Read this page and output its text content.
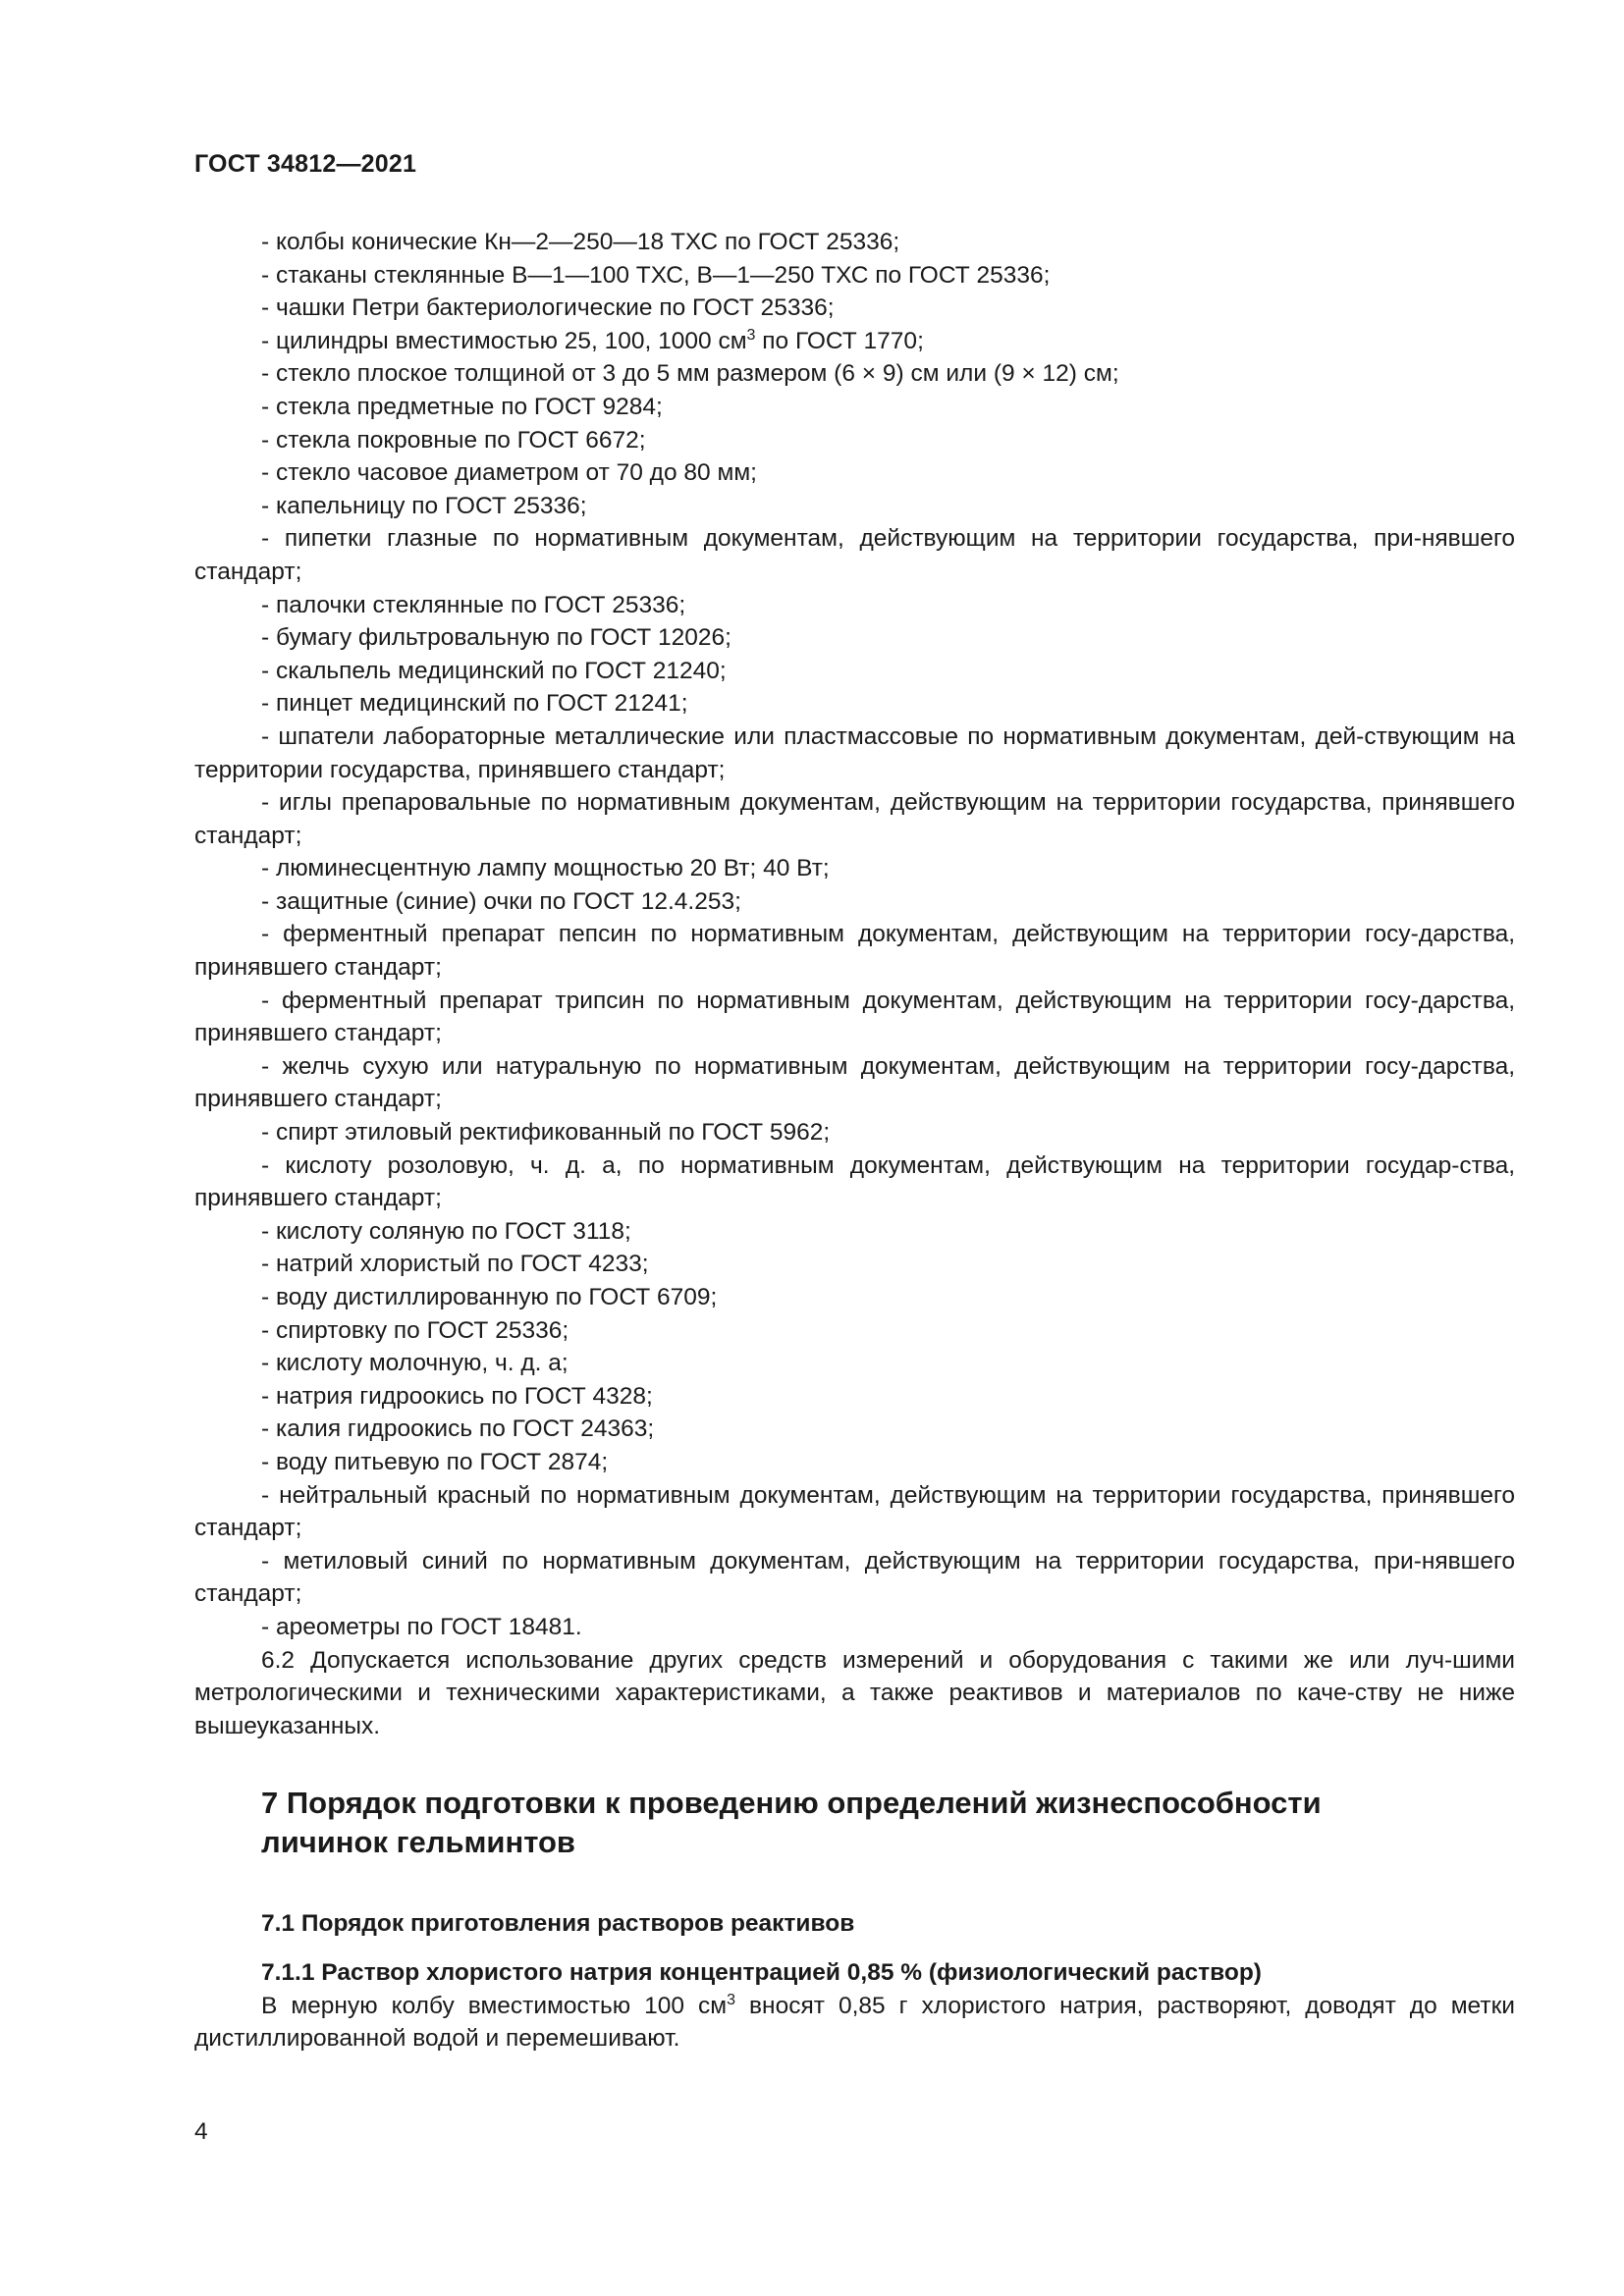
ГОСТ 34812—2021

- колбы конические Кн—2—250—18 ТХС по ГОСТ 25336;

- стаканы стеклянные В—1—100 ТХС, В—1—250 ТХС по ГОСТ 25336;

- чашки Петри бактериологические по ГОСТ 25336;

- цилиндры вместимостью 25, 100, 1000 $см^3$ по ГОСТ 1770;

- стекло плоское толщиной от 3 до 5 мм размером (6 × 9) см или (9 × 12) см;

- стекла предметные по ГОСТ 9284;

- стекла покровные по ГОСТ 6672;

- стекло часовое диаметром от 70 до 80 мм;

- капельницу по ГОСТ 25336;

- пипетки глазные по нормативным документам, действующим на территории государства, при-нявшего стандарт;

- палочки стеклянные по ГОСТ 25336;

- бумагу фильтровальную по ГОСТ 12026;

- скальпель медицинский по ГОСТ 21240;

- пинцет медицинский по ГОСТ 21241;

- шпатели лабораторные металлические или пластмассовые по нормативным документам, дей-ствующим на территории государства, принявшего стандарт;

- иглы препаровальные по нормативным документам, действующим на территории государства, принявшего стандарт;

- люминесцентную лампу мощностью 20 Вт; 40 Вт;

- защитные (синие) очки по ГОСТ 12.4.253;

- ферментный препарат пепсин по нормативным документам, действующим на территории госу-дарства, принявшего стандарт;

- ферментный препарат трипсин по нормативным документам, действующим на территории госу-дарства, принявшего стандарт;

- желчь сухую или натуральную по нормативным документам, действующим на территории госу-дарства, принявшего стандарт;

- спирт этиловый ректификованный по ГОСТ 5962;

- кислоту розоловую, ч. д. а, по нормативным документам, действующим на территории государ-ства, принявшего стандарт;

- кислоту соляную по ГОСТ 3118;

- натрий хлористый по ГОСТ 4233;

- воду дистиллированную по ГОСТ 6709;

- спиртовку по ГОСТ 25336;

- кислоту молочную, ч. д. а;

- натрия гидроокись по ГОСТ 4328;

- калия гидроокись по ГОСТ 24363;

- воду питьевую по ГОСТ 2874;

- нейтральный красный по нормативным документам, действующим на территории государства, принявшего стандарт;

- метиловый синий по нормативным документам, действующим на территории государства, при-нявшего стандарт;

- ареометры по ГОСТ 18481.

6.2 Допускается использование других средств измерений и оборудования с такими же или луч-шими метрологическими и техническими характеристиками, а также реактивов и материалов по каче-ству не ниже вышеуказанных.

7 Порядок подготовки к проведению определений жизнеспособности личинок гельминтов
7.1 Порядок приготовления растворов реактивов
7.1.1 Раствор хлористого натрия концентрацией 0,85 % (физиологический раствор)

В мерную колбу вместимостью 100 $см^3$ вносят 0,85 г хлористого натрия, растворяют, доводят до метки дистиллированной водой и перемешивают.

4
